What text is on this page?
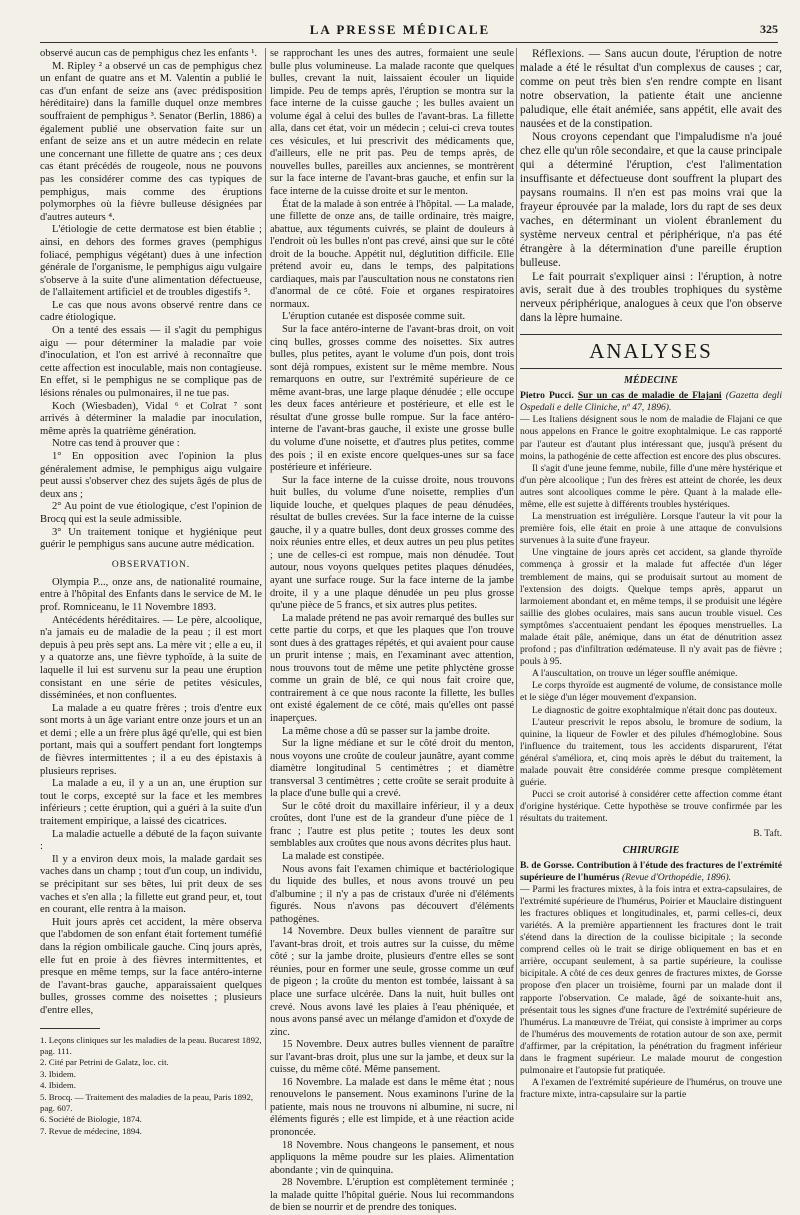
LA PRESSE MÉDICALE	325

observé aucun cas de pemphigus chez les enfants ¹.

M. Ripley ² a observé un cas de pemphigus chez un enfant de quatre ans et M. Valentin a publié le cas d'un enfant de seize ans (avec prédisposition héréditaire) dans la famille duquel onze membres souffraient de pemphigus ³. Senator (Berlin, 1886) a également publié une observation faite sur un enfant de seize ans et un autre médecin en relate une concernant une fillette de quatre ans ; ces deux cas étant précédés de rougeole, nous ne pouvons pas les considérer comme des cas typiques de pemphigus, mais comme des éruptions polymorphes où la fièvre bulleuse désignées par d'autres auteurs ⁴.

L'étiologie de cette dermatose est bien établie ; ainsi, en dehors des formes graves (pemphigus foliacé, pemphigus végétant) dues à une infection générale de l'organisme, le pemphigus aigu vulgaire s'observe à la suite d'une alimentation défectueuse, de l'allaitement artificiel et de troubles digestifs ⁵.

Le cas que nous avons observé rentre dans ce cadre étiologique.

On a tenté des essais — il s'agit du pemphigus aigu — pour déterminer la maladie par voie d'inoculation, et l'on est arrivé à reconnaître que cette affection est inoculable, mais non contagieuse. En effet, si le pemphigus ne se complique pas de lésions rénales ou pulmonaires, il ne tue pas.

Koch (Wiesbaden), Vidal ⁶ et Colrat ⁷ sont arrivés à déterminer la maladie par inoculation, même après la quatrième génération.

Notre cas tend à prouver que :

1° En opposition avec l'opinion la plus généralement admise, le pemphigus aigu vulgaire peut aussi s'observer chez des sujets âgés de plus de deux ans ;

2° Au point de vue étiologique, c'est l'opinion de Brocq qui est la seule admissible.

3° Un traitement tonique et hygiénique peut guérir le pemphigus sans aucune autre médication.

OBSERVATION.

Olympia P..., onze ans, de nationalité roumaine, entre à l'hôpital des Enfants dans le service de M. le prof. Romniceanu, le 11 Novembre 1893.

Antécédents héréditaires. — Le père, alcoolique, n'a jamais eu de maladie de la peau ; il est mort depuis à peu près sept ans. La mère vit ; elle a eu, il y a quatorze ans, une fièvre typhoïde, à la suite de laquelle il lui est survenu sur la peau une éruption consistant en une série de petites vésicules, disséminées, et non confluentes.

La malade a eu quatre frères ; trois d'entre eux sont morts à un âge variant entre onze jours et un an et demi ; elle a un frère plus âgé qu'elle, qui est bien portant, mais qui a souffert pendant fort longtemps de fièvres intermittentes ; il a eu des épistaxis à plusieurs reprises.

La malade a eu, il y a un an, une éruption sur tout le corps, excepté sur la face et les membres inférieurs ; cette éruption, qui a guéri à la suite d'un traitement empirique, a laissé des cicatrices.

La maladie actuelle a débuté de la façon suivante :

Il y a environ deux mois, la malade gardait ses vaches dans un champ ; tout d'un coup, un individu, se précipitant sur ses bêtes, lui prit deux de ses vaches et s'en alla ; la fillette eut grand peur, et, tout en courant, elle rentra à la maison.

Huit jours après cet accident, la mère observa que l'abdomen de son enfant était fortement tuméfié dans la région ombilicale gauche. Cinq jours après, elle fut en proie à des fièvres intermittentes, et presque en même temps, sur la face antéro-interne de l'avant-bras gauche, apparaissaient quelques bulles, grosses comme des noisettes ; plusieurs d'entre elles,

1. Leçons cliniques sur les maladies de la peau. Bucarest 1892, pag. 111.

2. Cité par Petrini de Galatz, loc. cit.

3. Ibidem.

4. Ibidem.

5. Brocq. — Traitement des maladies de la peau, Paris 1892, pag. 607.

6. Société de Biologie, 1874.

7. Revue de médecine, 1894.

se rapprochant les unes des autres, formaient une seule bulle plus volumineuse. La malade raconte que quelques bulles, crevant la nuit, laissaient écouler un liquide limpide. Peu de temps après, l'éruption se montra sur la face interne de la cuisse gauche ; les bulles avaient un volume égal à celui des bulles de l'avant-bras. La fillette alla, dans cet état, voir un médecin ; celui-ci creva toutes ces vésicules, et lui prescrivit des médicaments que, d'ailleurs, elle ne prit pas. Peu de temps après, de nouvelles bulles, pareilles aux anciennes, se montrèrent sur la face interne de l'avant-bras gauche, et enfin sur la face interne de la cuisse droite et sur le menton.

État de la malade à son entrée à l'hôpital. — La malade, une fillette de onze ans, de taille ordinaire, très maigre, abattue, aux téguments cuivrés, se plaint de douleurs à l'endroit où les bulles n'ont pas crevé, ainsi que sur le côté droit de la bouche. Appétit nul, déglutition difficile. Elle prétend avoir eu, dans le temps, des palpitations cardiaques, mais par l'auscultation nous ne constatons rien d'anormal de ce côté. Foie et organes respiratoires normaux.

L'éruption cutanée est disposée comme suit.

Sur la face antéro-interne de l'avant-bras droit, on voit cinq bulles, grosses comme des noisettes. Six autres bulles, plus petites, ayant le volume d'un pois, dont trois sont déjà rompues, existent sur le même membre. Nous remarquons en outre, sur l'extrémité supérieure de ce même avant-bras, une large plaque dénudée ; elle occupe les deux faces antérieure et postérieure, et elle est le résultat d'une grosse bulle rompue. Sur la face antéro-interne de l'avant-bras gauche, il existe une grosse bulle du volume d'une noisette, et d'autres plus petites, comme des pois ; il en existe encore quelques-unes sur sa face postérieure et inférieure.

Sur la face interne de la cuisse droite, nous trouvons huit bulles, du volume d'une noisette, remplies d'un liquide louche, et quelques plaques de peau dénudées, résultat de bulles crevées. Sur la face interne de la cuisse gauche, il y a quatre bulles, dont deux grosses comme des noix réunies entre elles, et deux autres un peu plus petites ; une de celles-ci est rompue, mais non dénudée. Tout autour, nous voyons quelques petites plaques dénudées, ayant une surface rouge. Sur la face interne de la jambe droite, il y a une plaque dénudée un peu plus grosse qu'une pièce de 5 francs, et six autres plus petites.

La malade prétend ne pas avoir remarqué des bulles sur cette partie du corps, et que les plaques que l'on trouve sont dues à des grattages répétés, et qui avaient pour cause un prurit intense ; mais, en l'examinant avec attention, nous trouvons tout de même une petite phlyctène grosse comme un grain de blé, ce qui nous fait croire que, contrairement à ce que nous raconte la fillette, les bulles ont existé également de ce côté, mais qu'elles ont passé inaperçues.

La même chose a dû se passer sur la jambe droite.

Sur la ligne médiane et sur le côté droit du menton, nous voyons une croûte de couleur jaunâtre, ayant comme diamètre longitudinal 5 centimètres ; et diamètre transversal 3 centimètres ; cette croûte se serait produite à la place d'une bulle qui a crevé.

Sur le côté droit du maxillaire inférieur, il y a deux croûtes, dont l'une est de la grandeur d'une pièce de 1 franc ; l'autre est plus petite ; toutes les deux sont semblables aux croûtes que nous avons décrites plus haut.

La malade est constipée.

Nous avons fait l'examen chimique et bactériologique du liquide des bulles, et nous avons trouvé un peu d'albumine ; il n'y a pas de cristaux d'urée ni d'éléments figurés. Nous n'avons pas découvert d'éléments pathogènes.

14 Novembre. Deux bulles viennent de paraître sur l'avant-bras droit, et trois autres sur la cuisse, du même côté ; sur la jambe droite, plusieurs d'entre elles se sont réunies, pour en former une seule, grosse comme un œuf de pigeon ; la croûte du menton est tombée, laissant à sa place une surface ulcérée. Dans la nuit, huit bulles ont crevé. Nous avons lavé les plaies à l'eau phéniquée, et nous avons pansé avec un mélange d'amidon et d'oxyde de zinc.

15 Novembre. Deux autres bulles viennent de paraître sur l'avant-bras droit, plus une sur la jambe, et deux sur la cuisse, du même côté. Même pansement.

16 Novembre. La malade est dans le même état ; nous renouvelons le pansement. Nous examinons l'urine de la patiente, mais nous ne trouvons ni albumine, ni sucre, ni éléments figurés ; elle est limpide, et à une réaction acide prononcée.

18 Novembre. Nous changeons le pansement, et nous appliquons la même poudre sur les plaies. Alimentation abondante ; vin de quinquina.

28 Novembre. L'éruption est complètement terminée ; la malade quitte l'hôpital guérie. Nous lui recommandons de bien se nourrir et de prendre des toniques.

Réflexions. — Sans aucun doute, l'éruption de notre malade a été le résultat d'un complexus de causes ; car, comme on peut très bien s'en rendre compte en lisant notre observation, la patiente était une ancienne paludique, elle était anémiée, sans appétit, elle avait des nausées et de la constipation.

Nous croyons cependant que l'impaludisme n'a joué chez elle qu'un rôle secondaire, et que la cause principale qui a déterminé l'éruption, c'est l'alimentation insuffisante et défectueuse dont souffrent la plupart des paysans roumains. Il n'en est pas moins vrai que la frayeur éprouvée par la malade, lors du rapt de ses deux vaches, en déterminant un violent ébranlement du système nerveux central et périphérique, n'a pas été étrangère à la détermination d'une pareille éruption bulleuse.

Le fait pourrait s'expliquer ainsi : l'éruption, à notre avis, serait due à des troubles trophiques du système nerveux périphérique, analogues à ceux que l'on observe dans la lèpre humaine.

ANALYSES
MÉDECINE

Pietro Pucci. Sur un cas de maladie de Flajani (Gazetta degli Ospedali e delle Cliniche, nº 47, 1896).

— Les Italiens désignent sous le nom de maladie de Flajani ce que nous appelons en France le goitre exophtalmique. Le cas rapporté par l'auteur est d'autant plus intéressant que, jusqu'à présent du moins, la pathogénie de cette affection est encore des plus obscures.

Il s'agit d'une jeune femme, nubile, fille d'une mère hystérique et d'un père alcoolique ; l'un des frères est atteint de chorée, les deux autres sont alcooliques comme le père. Quant à la malade elle-même, elle est sujette à différents troubles hystériques.

La menstruation est irrégulière. Lorsque l'auteur la vit pour la première fois, elle était en proie à une attaque de convulsions survenues à la suite d'une frayeur.

Une vingtaine de jours après cet accident, sa glande thyroïde commença à grossir et la malade fut affectée d'un léger tremblement de mains, qui se produisait surtout au moment de l'extension des doigts. Quelque temps après, apparut un larmoiement abondant et, en même temps, il se produisit une légère saillie des globes oculaires, mais sans aucun trouble visuel. Ces symptômes s'accentuaient pendant les époques menstruelles. La malade était pâle, anémique, dans un état de dénutrition assez profond ; pas d'infiltration œdémateuse. Il n'y avait pas de fièvre ; pouls à 95.

A l'auscultation, on trouve un léger souffle anémique.

Le corps thyroïde est augmenté de volume, de consistance molle et le siège d'un léger mouvement d'expansion.

Le diagnostic de goitre exophtalmique n'était donc pas douteux.

L'auteur prescrivit le repos absolu, le bromure de sodium, la quinine, la liqueur de Fowler et des pilules d'hémoglobine. Sous l'influence du traitement, tous les accidents disparurent, l'état général s'améliora, et, cinq mois après le début du traitement, la malade pouvait être considérée comme presque complètement guérie.

Pucci se croit autorisé à considérer cette affection comme étant d'origine hystérique. Cette hypothèse se trouve confirmée par les résultats du traitement.

B. Taft.
CHIRURGIE

B. de Gorsse. Contribution à l'étude des fractures de l'extrémité supérieure de l'humérus (Revue d'Orthopédie, 1896).

— Parmi les fractures mixtes, à la fois intra et extra-capsulaires, de l'extrémité supérieure de l'humérus, Poirier et Mauclaire distinguent les fractures obliques et longitudinales, et, parmi celles-ci, deux variétés. A la première appartiennent les fractures dont le trait s'étend dans la direction de la coulisse bicipitale ; la seconde comprend celles où le trait se dirige obliquement en bas et en arrière, occupant seulement, à sa partie supérieure, la coulisse bicipitale. A côté de ces deux genres de fractures mixtes, de Gorsse propose d'en placer un troisième, fourni par un malade dont il rapporte l'observation. Ce malade, âgé de soixante-huit ans, présentait tous les signes d'une fracture de l'extrémité supérieure de l'humérus. La manœuvre de Tréiat, qui consiste à imprimer au corps de l'humérus des mouvements de rotation autour de son axe, permit d'affirmer, par la crépitation, la pénétration du fragment inférieur dans le fragment supérieur. Le malade mourut de congestion pulmonaire et l'autopsie fut pratiquée.

A l'examen de l'extrémité supérieure de l'humérus, on trouve une fracture mixte, intra-capsulaire sur la partie
